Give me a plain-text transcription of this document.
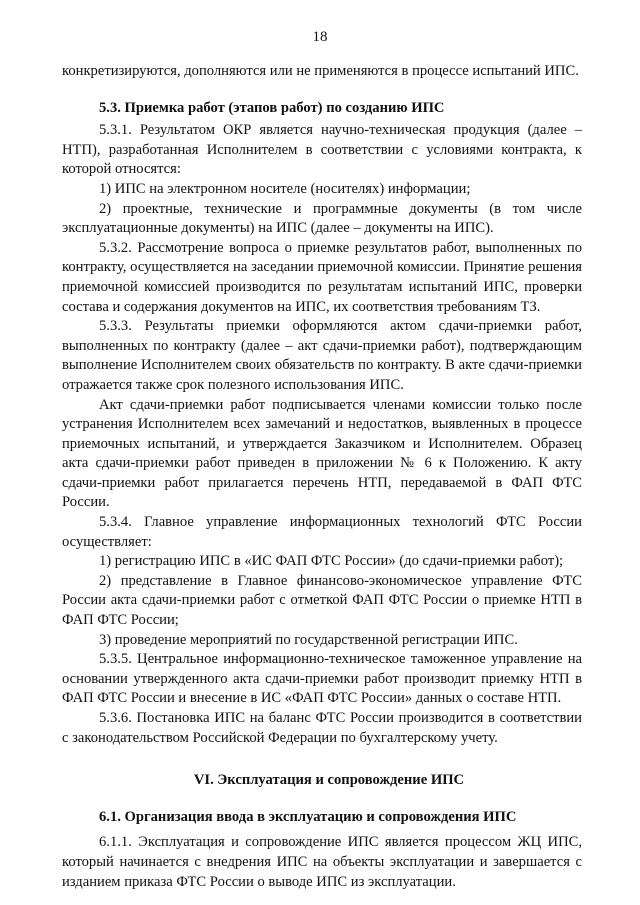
18

конкретизируются, дополняются или не применяются в процессе испытаний ИПС.

5.3. Приемка работ (этапов работ) по созданию ИПС

5.3.1. Результатом ОКР является научно-техническая продукция (далее – НТП), разработанная Исполнителем в соответствии с условиями контракта, к которой относятся:

1) ИПС на электронном носителе (носителях) информации;

2) проектные, технические и программные документы (в том числе эксплуатационные документы) на ИПС (далее – документы на ИПС).

5.3.2. Рассмотрение вопроса о приемке результатов работ, выполненных по контракту, осуществляется на заседании приемочной комиссии. Принятие решения приемочной комиссией производится по результатам испытаний ИПС, проверки состава и содержания документов на ИПС, их соответствия требованиям ТЗ.

5.3.3. Результаты приемки оформляются актом сдачи-приемки работ, выполненных по контракту (далее – акт сдачи-приемки работ), подтверждающим выполнение Исполнителем своих обязательств по контракту. В акте сдачи-приемки отражается также срок полезного использования ИПС.

Акт сдачи-приемки работ подписывается членами комиссии только после устранения Исполнителем всех замечаний и недостатков, выявленных в процессе приемочных испытаний, и утверждается Заказчиком и Исполнителем. Образец акта сдачи-приемки работ приведен в приложении № 6 к Положению. К акту сдачи-приемки работ прилагается перечень НТП, передаваемой в ФАП ФТС России.

5.3.4. Главное управление информационных технологий ФТС России осуществляет:

1) регистрацию ИПС в «ИС ФАП ФТС России» (до сдачи-приемки работ);

2) представление в Главное финансово-экономическое управление ФТС России акта сдачи-приемки работ с отметкой ФАП ФТС России о приемке НТП в ФАП ФТС России;

3) проведение мероприятий по государственной регистрации ИПС.

5.3.5. Центральное информационно-техническое таможенное управление на основании утвержденного акта сдачи-приемки работ производит приемку НТП в ФАП ФТС России и внесение в ИС «ФАП ФТС России» данных о составе НТП.

5.3.6. Постановка ИПС на баланс ФТС России производится в соответствии с законодательством Российской Федерации по бухгалтерскому учету.

VI. Эксплуатация и сопровождение ИПС

6.1. Организация ввода в эксплуатацию и сопровождения ИПС

6.1.1. Эксплуатация и сопровождение ИПС является процессом ЖЦ ИПС, который начинается с внедрения ИПС на объекты эксплуатации и завершается с изданием приказа ФТС России о выводе ИПС из эксплуатации.
